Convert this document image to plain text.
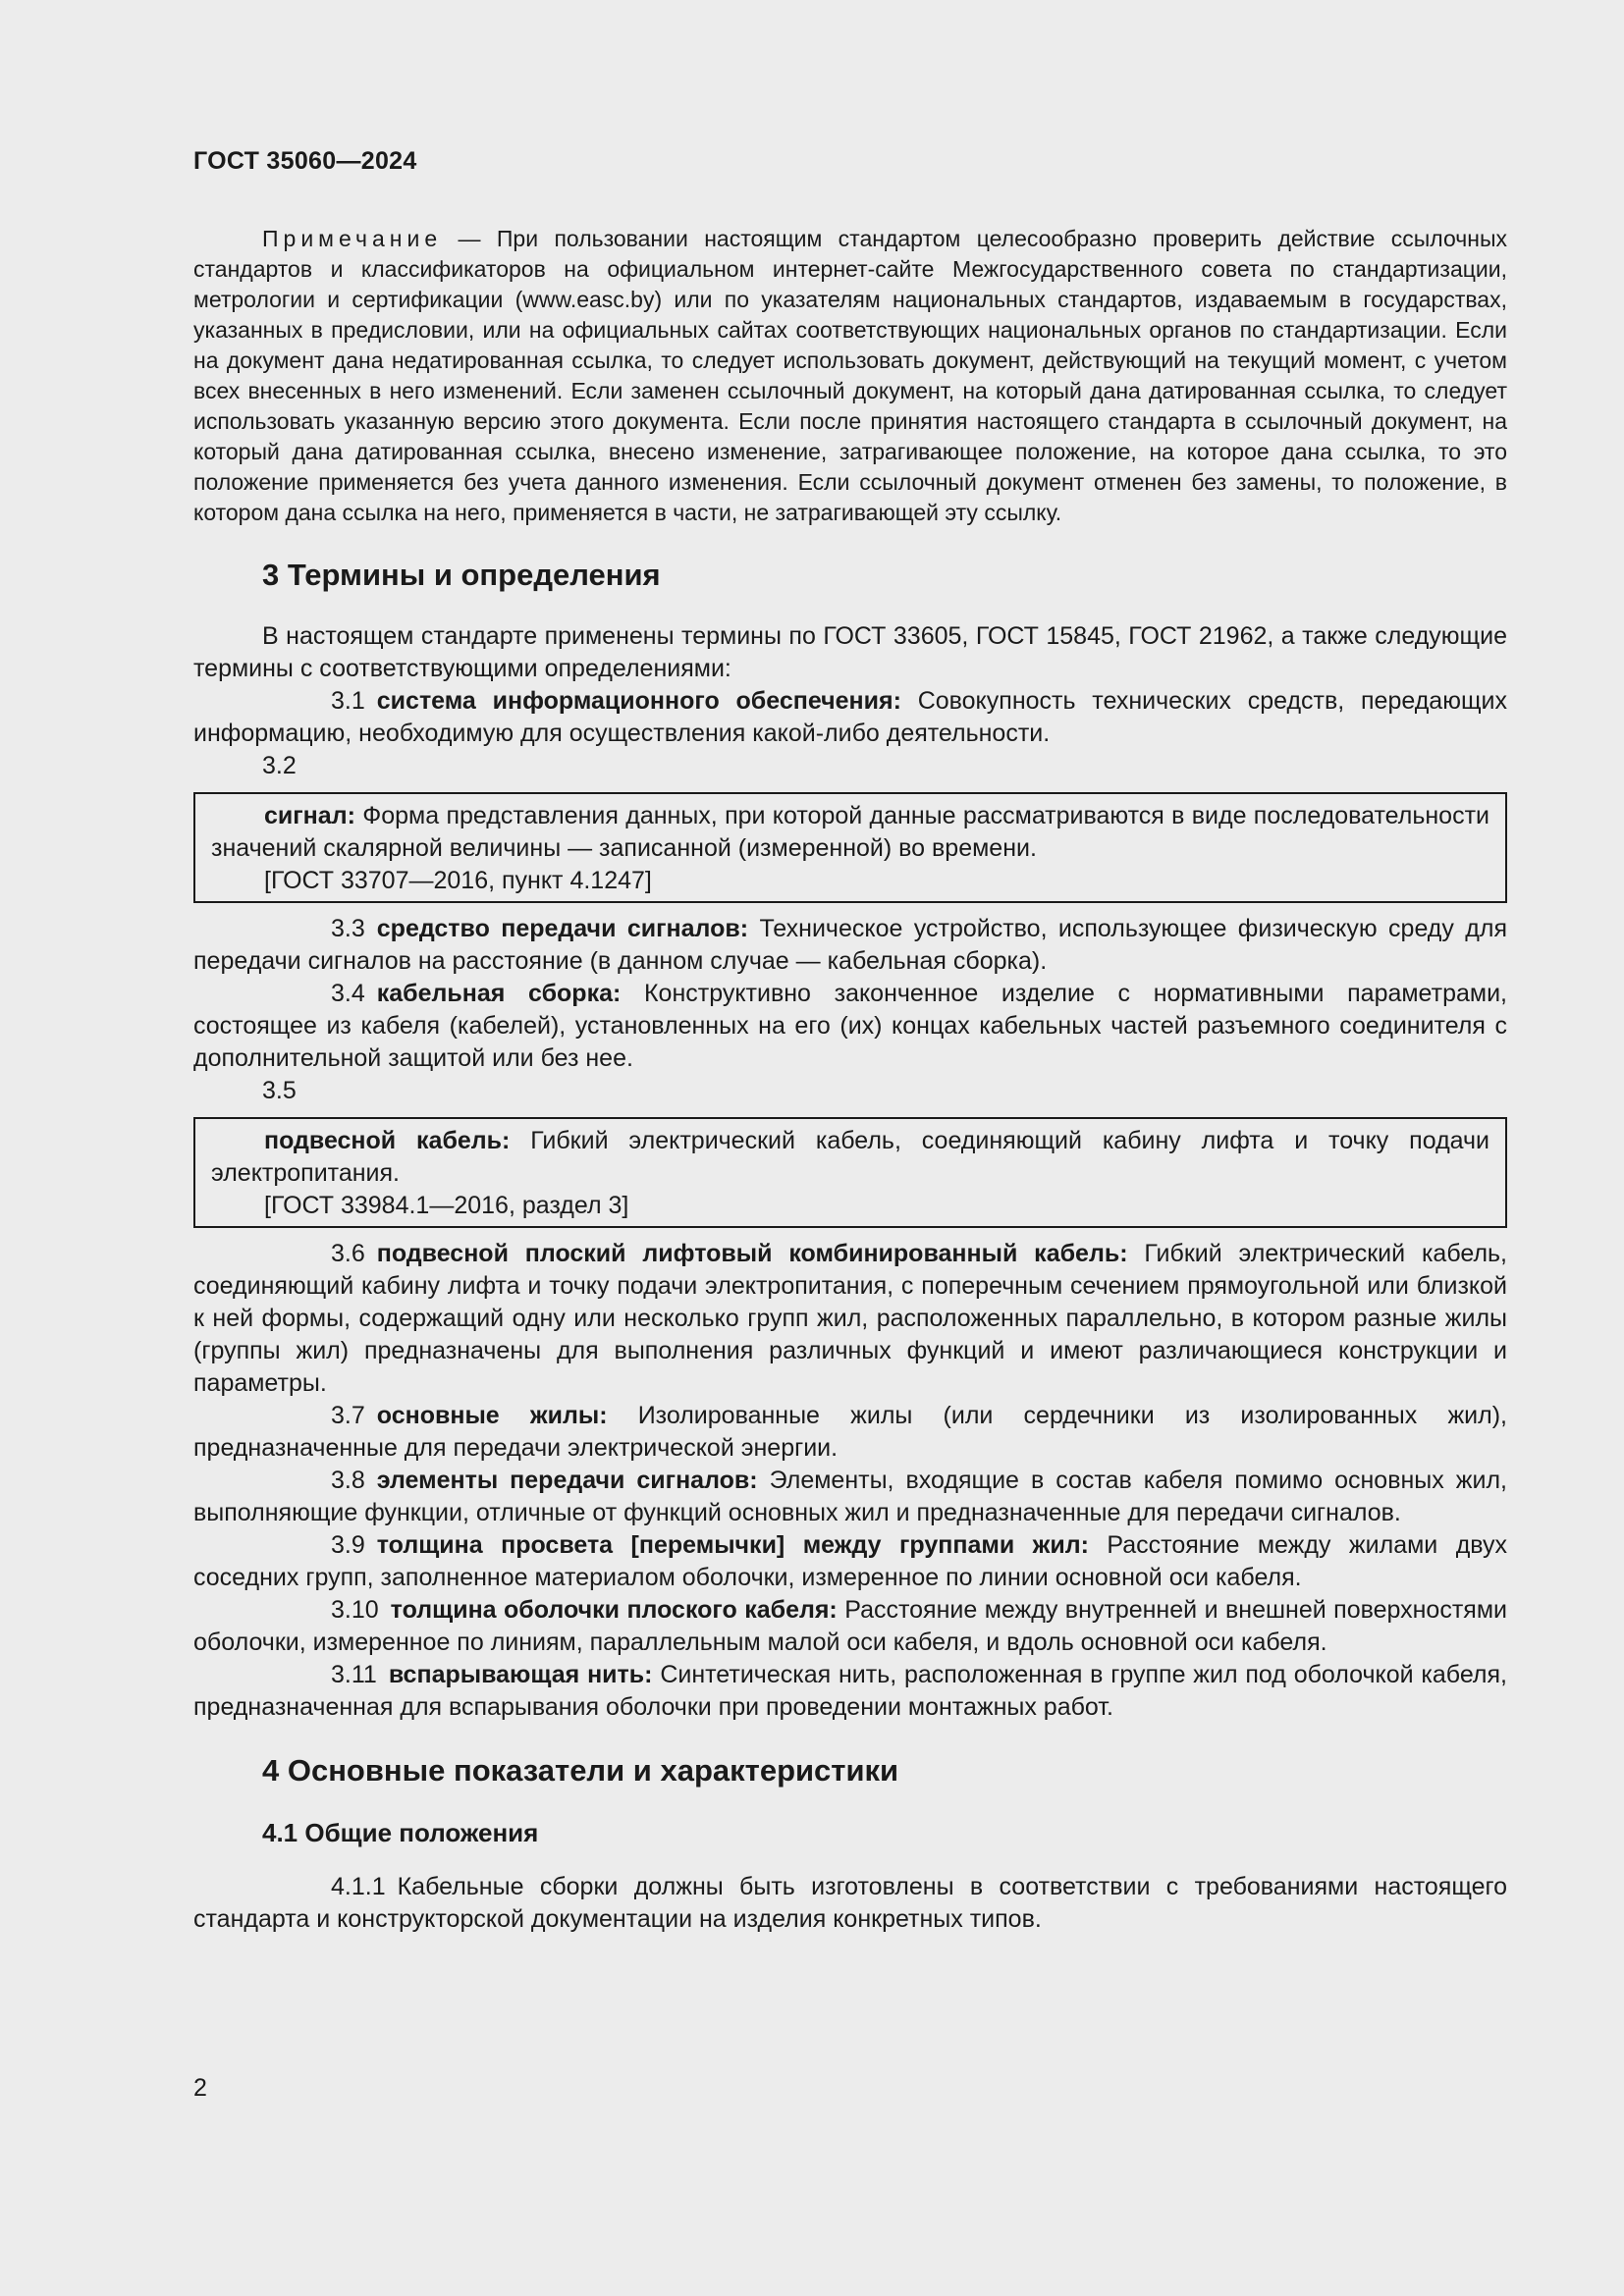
ГОСТ 35060—2024

Примечание — При пользовании настоящим стандартом целесообразно проверить действие ссылочных стандартов и классификаторов на официальном интернет-сайте Межгосударственного совета по стандартизации, метрологии и сертификации (www.easc.by) или по указателям национальных стандартов, издаваемым в государствах, указанных в предисловии, или на официальных сайтах соответствующих национальных органов по стандартизации. Если на документ дана недатированная ссылка, то следует использовать документ, действующий на текущий момент, с учетом всех внесенных в него изменений. Если заменен ссылочный документ, на который дана датированная ссылка, то следует использовать указанную версию этого документа. Если после принятия настоящего стандарта в ссылочный документ, на который дана датированная ссылка, внесено изменение, затрагивающее положение, на которое дана ссылка, то это положение применяется без учета данного изменения. Если ссылочный документ отменен без замены, то положение, в котором дана ссылка на него, применяется в части, не затрагивающей эту ссылку.

3 Термины и определения

В настоящем стандарте применены термины по ГОСТ 33605, ГОСТ 15845, ГОСТ 21962, а также следующие термины с соответствующими определениями:

3.1 система информационного обеспечения: Совокупность технических средств, передающих информацию, необходимую для осуществления какой-либо деятельности.

3.2

сигнал: Форма представления данных, при которой данные рассматриваются в виде последовательности значений скалярной величины — записанной (измеренной) во времени.

[ГОСТ 33707—2016, пункт 4.1247]

3.3 средство передачи сигналов: Техническое устройство, использующее физическую среду для передачи сигналов на расстояние (в данном случае — кабельная сборка).

3.4 кабельная сборка: Конструктивно законченное изделие с нормативными параметрами, состоящее из кабеля (кабелей), установленных на его (их) концах кабельных частей разъемного соединителя с дополнительной защитой или без нее.

3.5

подвесной кабель: Гибкий электрический кабель, соединяющий кабину лифта и точку подачи электропитания.

[ГОСТ 33984.1—2016, раздел 3]

3.6 подвесной плоский лифтовый комбинированный кабель: Гибкий электрический кабель, соединяющий кабину лифта и точку подачи электропитания, с поперечным сечением прямоугольной или близкой к ней формы, содержащий одну или несколько групп жил, расположенных параллельно, в котором разные жилы (группы жил) предназначены для выполнения различных функций и имеют различающиеся конструкции и параметры.

3.7 основные жилы: Изолированные жилы (или сердечники из изолированных жил), предназначенные для передачи электрической энергии.

3.8 элементы передачи сигналов: Элементы, входящие в состав кабеля помимо основных жил, выполняющие функции, отличные от функций основных жил и предназначенные для передачи сигналов.

3.9 толщина просвета [перемычки] между группами жил: Расстояние между жилами двух соседних групп, заполненное материалом оболочки, измеренное по линии основной оси кабеля.

3.10 толщина оболочки плоского кабеля: Расстояние между внутренней и внешней поверхностями оболочки, измеренное по линиям, параллельным малой оси кабеля, и вдоль основной оси кабеля.

3.11 вспарывающая нить: Синтетическая нить, расположенная в группе жил под оболочкой кабеля, предназначенная для вспарывания оболочки при проведении монтажных работ.

4 Основные показатели и характеристики
4.1 Общие положения

4.1.1 Кабельные сборки должны быть изготовлены в соответствии с требованиями настоящего стандарта и конструкторской документации на изделия конкретных типов.

2
